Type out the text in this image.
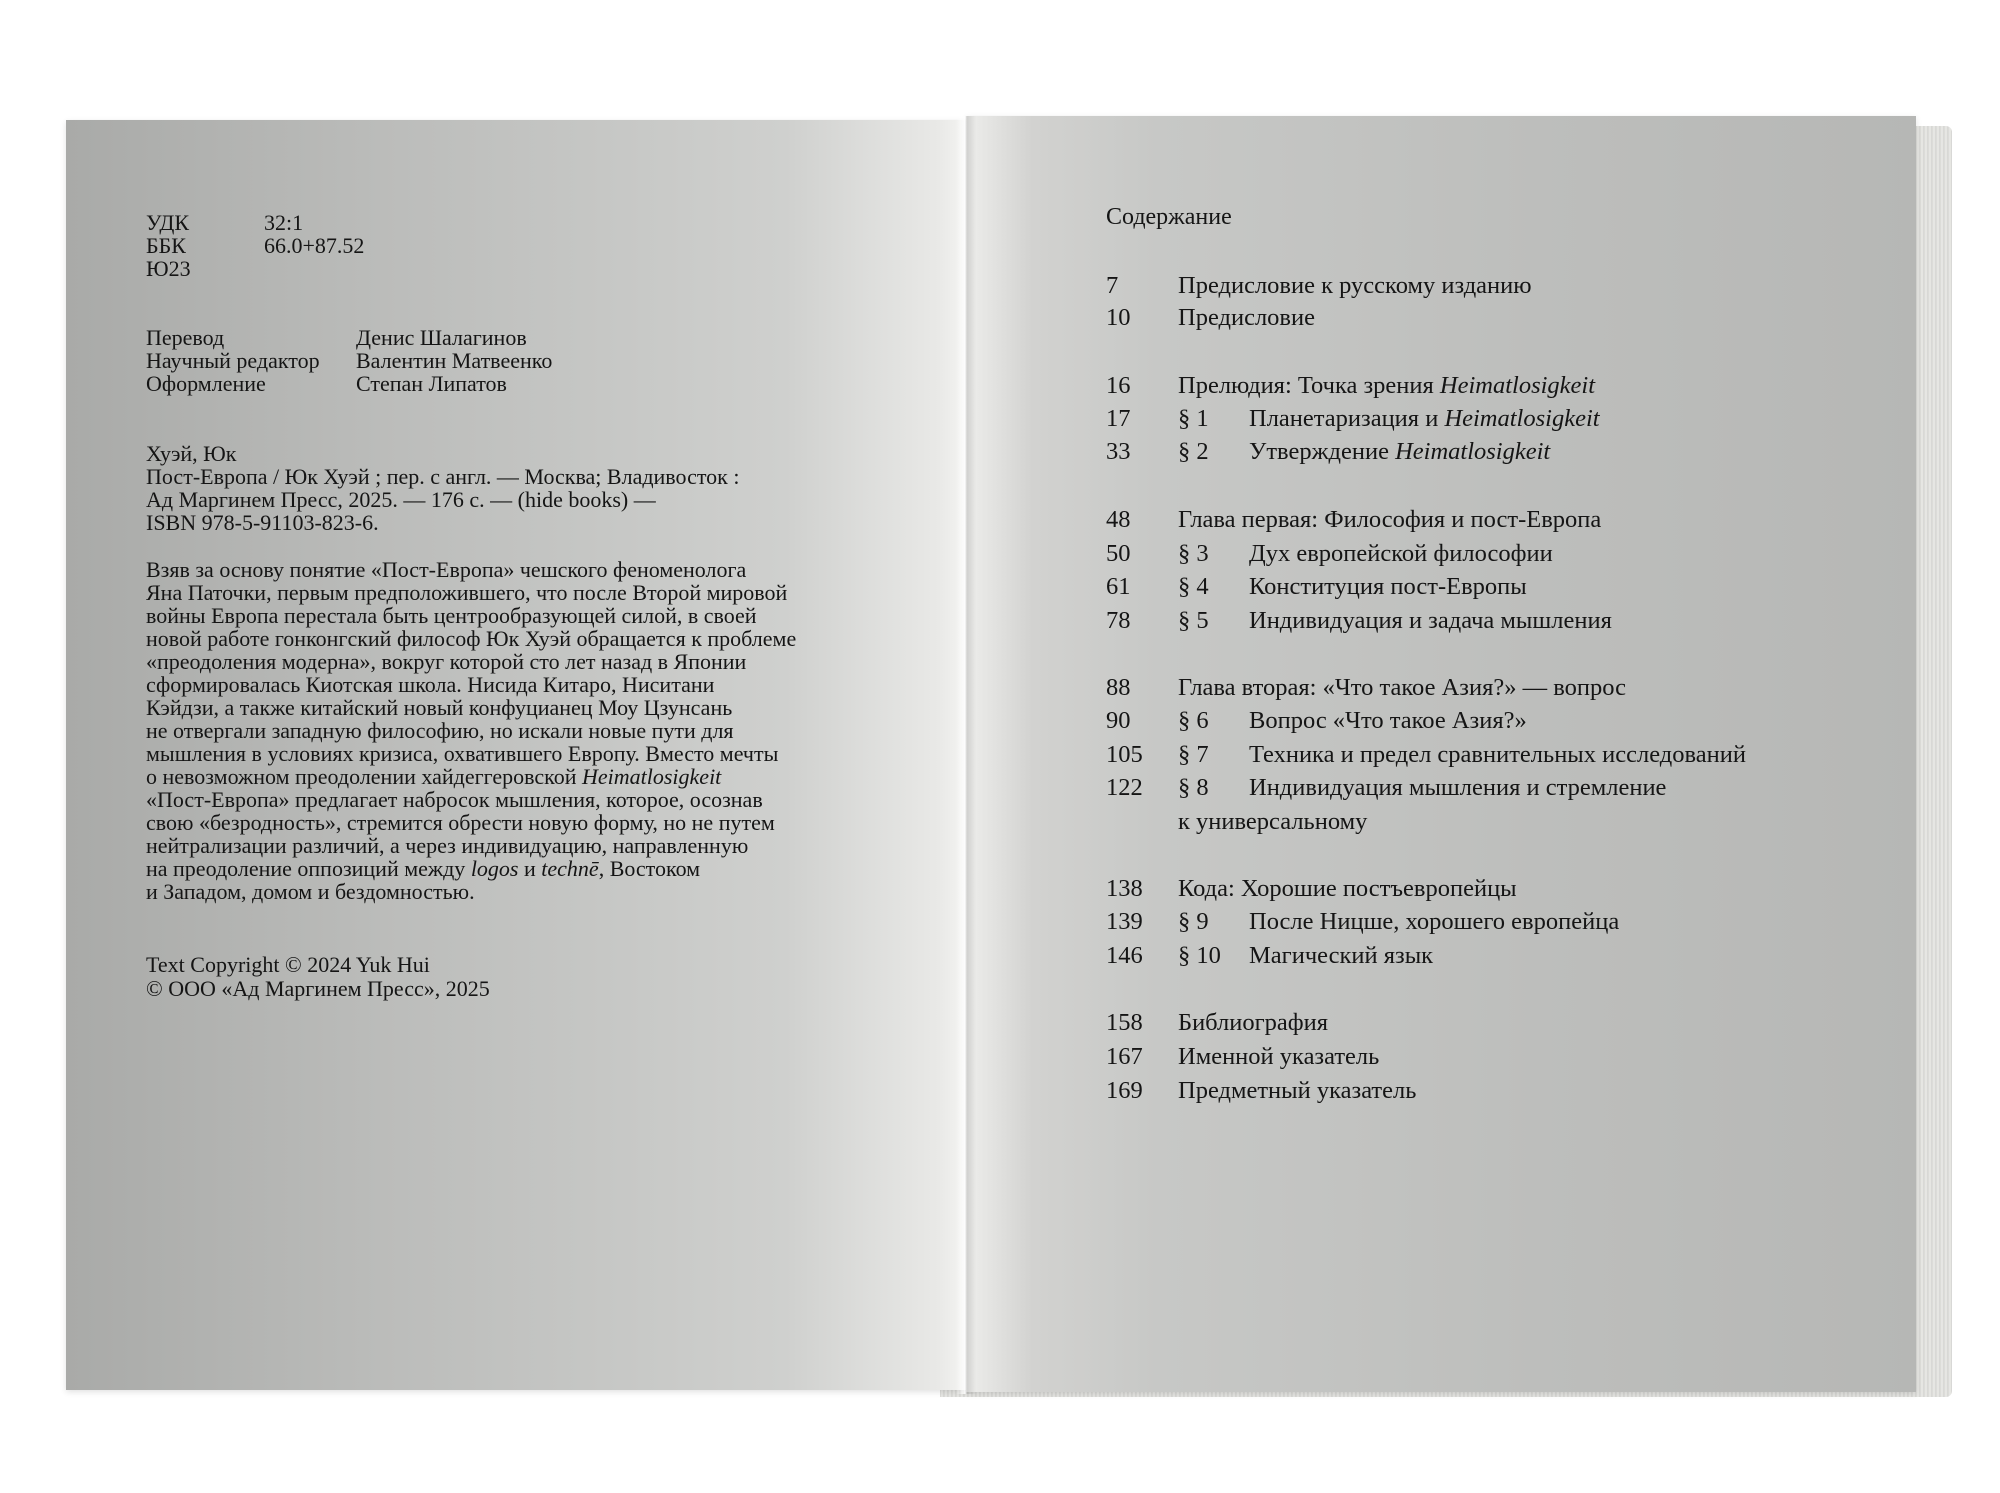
УДК	32:1
ББК	66.0+87.52
Ю23
Перевод	Денис Шалагинов
Научный редактор Валентин Матвеенко
Оформление	Степан Липатов
Хуэй, Юк
Пост-Европа / Юк Хуэй ; пер. с англ. — Москва; Владивосток :
Ад Маргинем Пресс, 2025. — 176 с. — (hide books) —
ISBN 978-5-91103-823-6.
Взяв за основу понятие «Пост-Европа» чешского феноменолога
Яна Паточки, первым предположившего, что после Второй мировой
войны Европа перестала быть центрообразующей силой, в своей
новой работе гонконгский философ Юк Хуэй обращается к проблеме
«преодоления модерна», вокруг которой сто лет назад в Японии
сформировалась Киотская школа. Нисида Китаро, Ниситани
Кэйдзи, а также китайский новый конфуцианец Моу Цзунсань
не отвергали западную философию, но искали новые пути для
мышления в условиях кризиса, охватившего Европу. Вместо мечты
о невозможном преодолении хайдеггеровской Heimatlosigkeit
«Пост-Европа» предлагает набросок мышления, которое, осознав
свою «безродность», стремится обрести новую форму, но не путем
нейтрализации различий, а через индивидуацию, направленную
на преодоление оппозиций между logos и technē, Востоком
и Западом, домом и бездомностью.
Text Copyright © 2024 Yuk Hui
© ООО «Ад Маргинем Пресс», 2025
Содержание
7 Предисловие к русскому изданию
10 Предисловие
16 Прелюдия: Точка зрения Heimatlosigkeit
17 § 1 Планетаризация и Heimatlosigkeit
33 § 2 Утверждение Heimatlosigkeit
48 Глава первая: Философия и пост-Европа
50 § 3 Дух европейской философии
61 § 4 Конституция пост-Европы
78 § 5 Индивидуация и задача мышления
88 Глава вторая: «Что такое Азия?» — вопрос
90 § 6 Вопрос «Что такое Азия?»
105 § 7 Техника и предел сравнительных исследований
122 § 8 Индивидуация мышления и стремление
к универсальному
138 Кода: Хорошие постъевропейцы
139 § 9 После Ницше, хорошего европейца
146 § 10 Магический язык
158 Библиография
167 Именной указатель
169 Предметный указатель
